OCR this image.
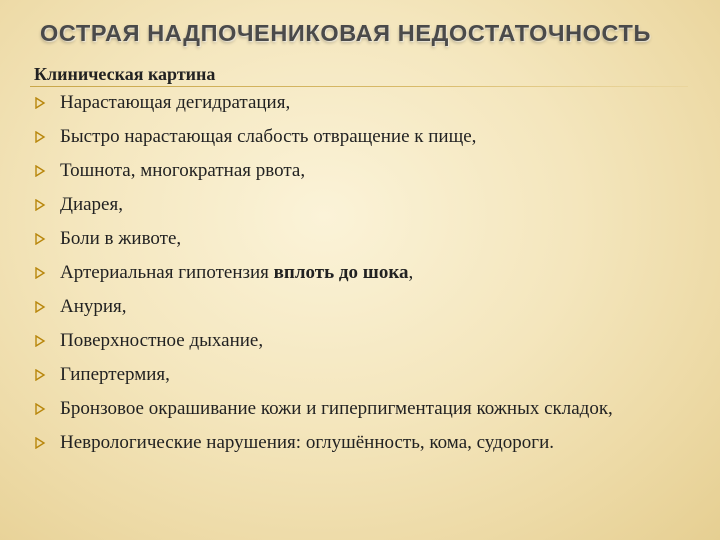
ОСТРАЯ НАДПОЧЕНИКОВАЯ НЕДОСТАТОЧНОСТЬ
Клиническая картина
Нарастающая дегидратация,
Быстро нарастающая слабость отвращение к пище,
Тошнота, многократная рвота,
Диарея,
Боли в животе,
Артериальная гипотензия вплоть до шока,
Анурия,
Поверхностное дыхание,
Гипертермия,
Бронзовое окрашивание кожи и гиперпигментация кожных складок,
Неврологические нарушения: оглушённость, кома, судороги.
